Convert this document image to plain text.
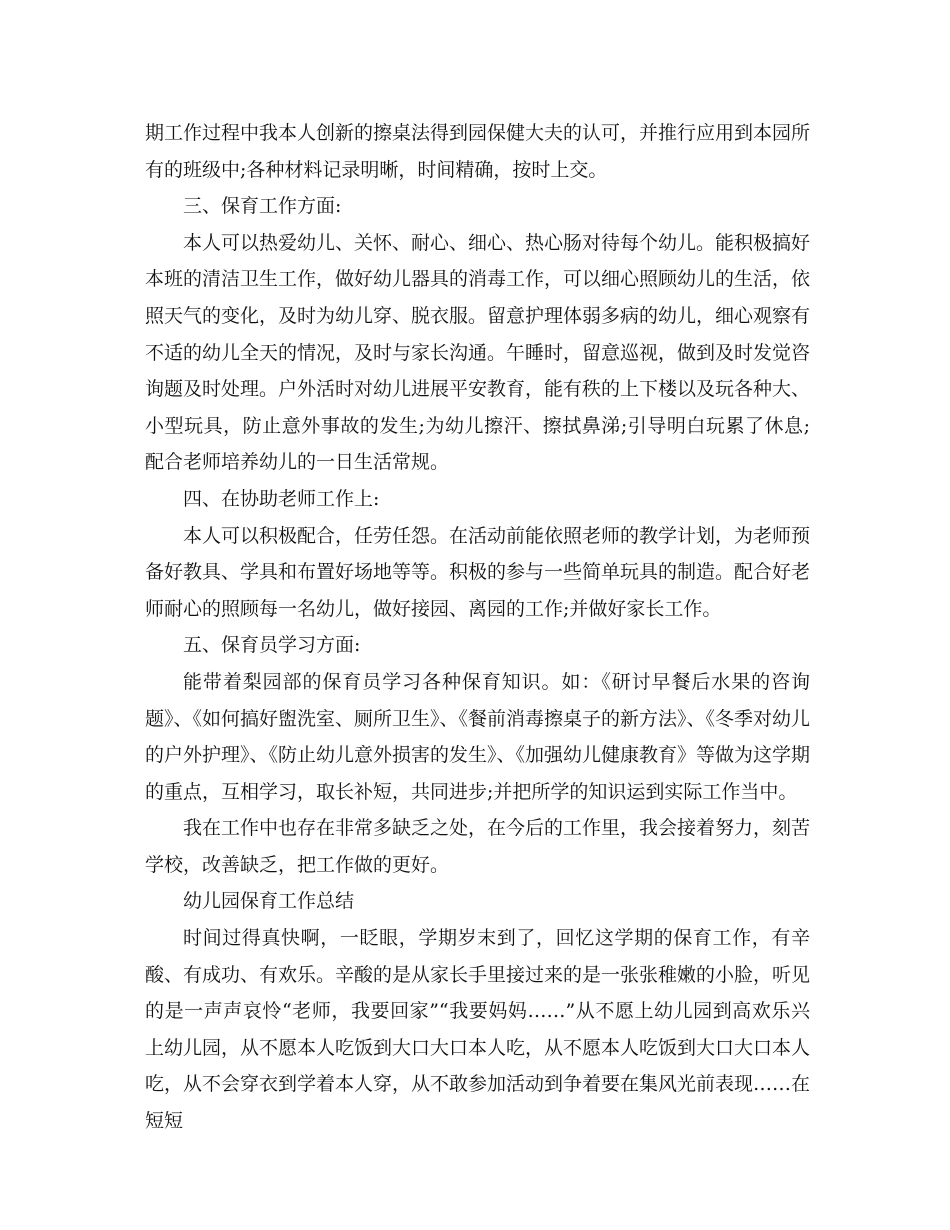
期工作过程中我本人创新的擦桌法得到园保健大夫的认可，并推行应用到本园所有的班级中;各种材料记录明晰，时间精确，按时上交。

三、保育工作方面:

本人可以热爱幼儿、关怀、耐心、细心、热心肠对待每个幼儿。能积极搞好本班的清洁卫生工作，做好幼儿器具的消毒工作，可以细心照顾幼儿的生活，依照天气的变化，及时为幼儿穿、脱衣服。留意护理体弱多病的幼儿，细心观察有不适的幼儿全天的情况，及时与家长沟通。午睡时，留意巡视，做到及时发觉咨询题及时处理。户外活时对幼儿进展平安教育，能有秩的上下楼以及玩各种大、小型玩具，防止意外事故的发生;为幼儿擦汗、擦拭鼻涕;引导明白玩累了休息;配合老师培养幼儿的一日生活常规。

四、在协助老师工作上:

本人可以积极配合，任劳任怨。在活动前能依照老师的教学计划，为老师预备好教具、学具和布置好场地等等。积极的参与一些简单玩具的制造。配合好老师耐心的照顾每一名幼儿，做好接园、离园的工作;并做好家长工作。

五、保育员学习方面:

能带着梨园部的保育员学习各种保育知识。如：《研讨早餐后水果的咨询题》、《如何搞好盥洗室、厕所卫生》、《餐前消毒擦桌子的新方法》、《冬季对幼儿的户外护理》、《防止幼儿意外损害的发生》、《加强幼儿健康教育》等做为这学期的重点，互相学习，取长补短，共同进步;并把所学的知识运到实际工作当中。

我在工作中也存在非常多缺乏之处，在今后的工作里，我会接着努力，刻苦学校，改善缺乏，把工作做的更好。

幼儿园保育工作总结

时间过得真快啊，一眨眼，学期岁末到了，回忆这学期的保育工作，有辛酸、有成功、有欢乐。辛酸的是从家长手里接过来的是一张张稚嫩的小脸，听见的是一声声哀怜“老师，我要回家”“我要妈妈……”从不愿上幼儿园到高欢乐兴上幼儿园，从不愿本人吃饭到大口大口本人吃，从不愿本人吃饭到大口大口本人吃，从不会穿衣到学着本人穿，从不敢参加活动到争着要在集风光前表现……在短短
